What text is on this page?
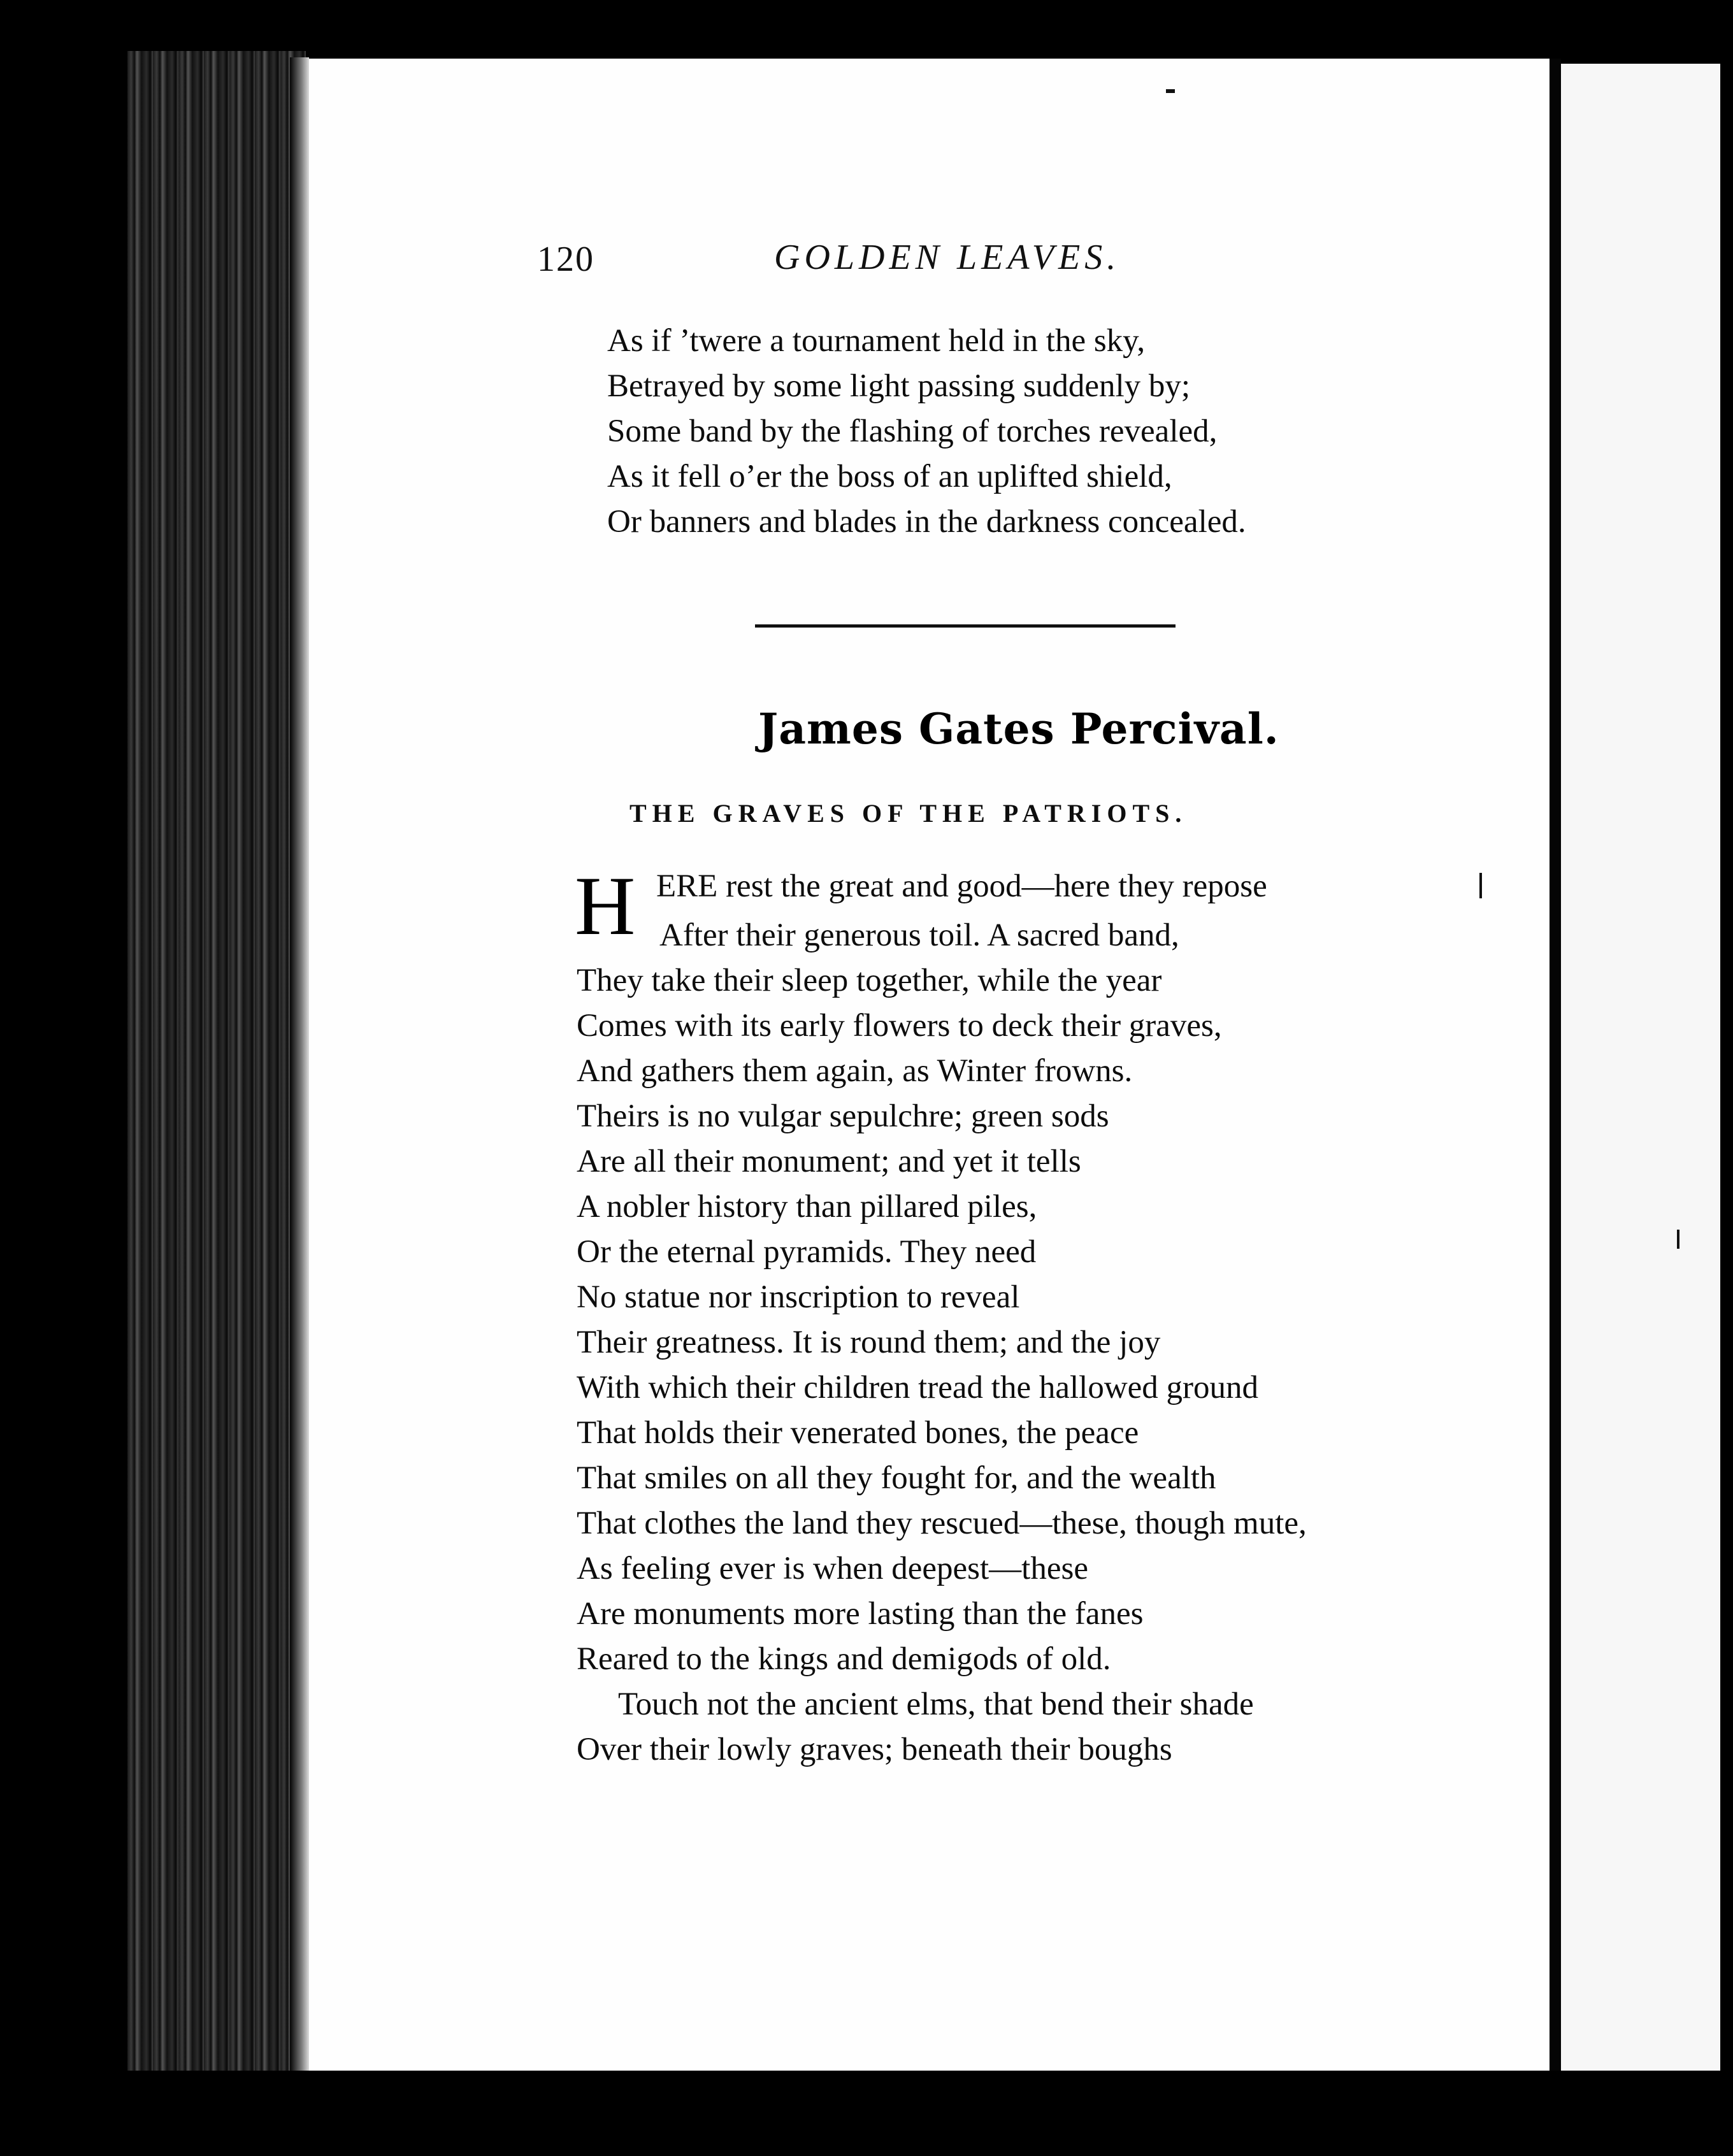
120	GOLDEN LEAVES.
As if ’twere a tournament held in the sky,
Betrayed by some light passing suddenly by;
Some band by the flashing of torches revealed,
As it fell o’er the boss of an uplifted shield,
Or banners and blades in the darkness concealed.
James Gates Percival.
THE GRAVES OF THE PATRIOTS.
H ERE rest the great and good—here they repose
After their generous toil. A sacred band,
They take their sleep together, while the year
Comes with its early flowers to deck their graves,
And gathers them again, as Winter frowns.
Theirs is no vulgar sepulchre; green sods
Are all their monument; and yet it tells
A nobler history than pillared piles,
Or the eternal pyramids. They need
No statue nor inscription to reveal
Their greatness. It is round them; and the joy
With which their children tread the hallowed ground
That holds their venerated bones, the peace
That smiles on all they fought for, and the wealth
That clothes the land they rescued—these, though mute,
As feeling ever is when deepest—these
Are monuments more lasting than the fanes
Reared to the kings and demigods of old.
Touch not the ancient elms, that bend their shade
Over their lowly graves; beneath their boughs
